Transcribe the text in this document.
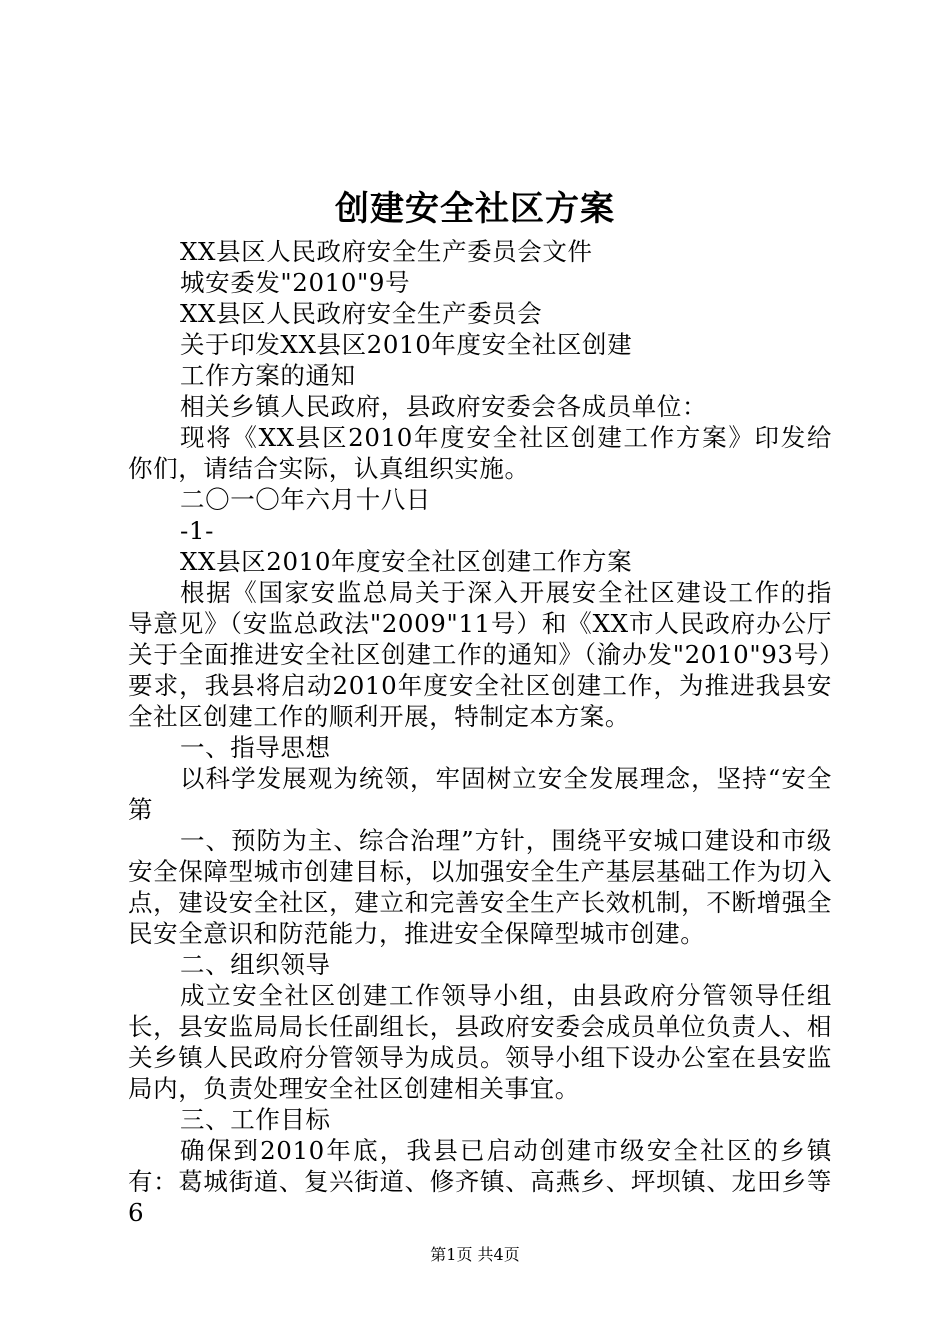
创建安全社区方案

XX县区人民政府安全生产委员会文件

城安委发"2010"9号

XX县区人民政府安全生产委员会

关于印发XX县区2010年度安全社区创建

工作方案的通知

相关乡镇人民政府，县政府安委会各成员单位：

现将《XX县区2010年度安全社区创建工作方案》印发给你们，请结合实际，认真组织实施。

二〇一〇年六月十八日

-1-

XX县区2010年度安全社区创建工作方案

根据《国家安监总局关于深入开展安全社区建设工作的指导意见》（安监总政法"2009"11号）和《XX市人民政府办公厅关于全面推进安全社区创建工作的通知》（渝办发"2010"93号）要求，我县将启动2010年度安全社区创建工作，为推进我县安全社区创建工作的顺利开展，特制定本方案。

一、指导思想

以科学发展观为统领，牢固树立安全发展理念，坚持“安全第

一、预防为主、综合治理”方针，围绕平安城口建设和市级安全保障型城市创建目标，以加强安全生产基层基础工作为切入点，建设安全社区，建立和完善安全生产长效机制，不断增强全民安全意识和防范能力，推进安全保障型城市创建。

二、组织领导

成立安全社区创建工作领导小组，由县政府分管领导任组长，县安监局局长任副组长，县政府安委会成员单位负责人、相关乡镇人民政府分管领导为成员。领导小组下设办公室在县安监局内，负责处理安全社区创建相关事宜。

三、工作目标

确保到2010年底，我县已启动创建市级安全社区的乡镇有：葛城街道、复兴街道、修齐镇、高燕乡、坪坝镇、龙田乡等6

第1页 共4页
